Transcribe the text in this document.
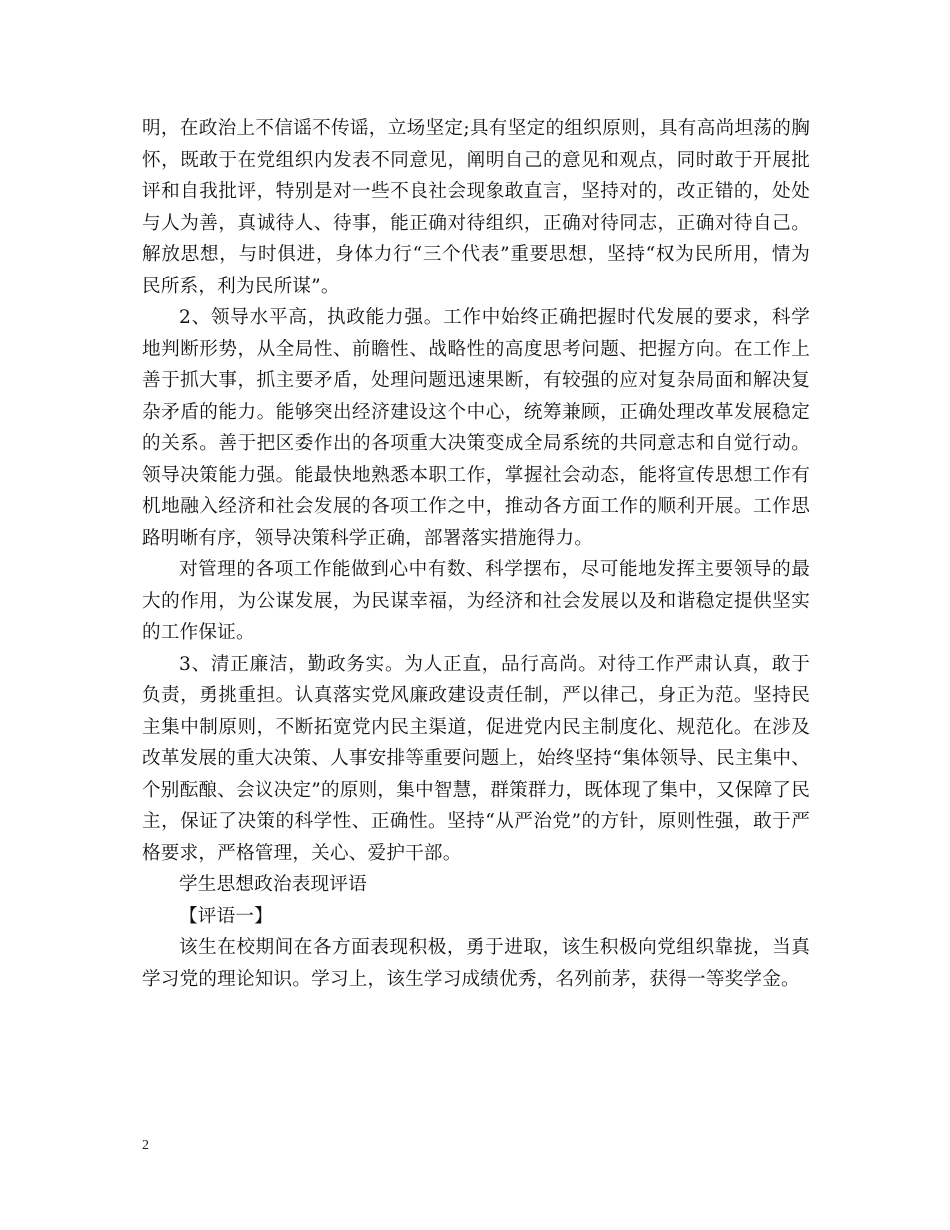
明，在政治上不信谣不传谣，立场坚定;具有坚定的组织原则，具有高尚坦荡的胸怀，既敢于在党组织内发表不同意见，阐明自己的意见和观点，同时敢于开展批评和自我批评，特别是对一些不良社会现象敢直言，坚持对的，改正错的，处处与人为善，真诚待人、待事，能正确对待组织，正确对待同志，正确对待自己。解放思想，与时俱进，身体力行“三个代表”重要思想，坚持“权为民所用，情为民所系，利为民所谋”。

2、领导水平高，执政能力强。工作中始终正确把握时代发展的要求，科学地判断形势，从全局性、前瞻性、战略性的高度思考问题、把握方向。在工作上善于抓大事，抓主要矛盾，处理问题迅速果断，有较强的应对复杂局面和解决复杂矛盾的能力。能够突出经济建设这个中心，统筹兼顾，正确处理改革发展稳定的关系。善于把区委作出的各项重大决策变成全局系统的共同意志和自觉行动。领导决策能力强。能最快地熟悉本职工作，掌握社会动态，能将宣传思想工作有机地融入经济和社会发展的各项工作之中，推动各方面工作的顺利开展。工作思路明晰有序，领导决策科学正确，部署落实措施得力。

对管理的各项工作能做到心中有数、科学摆布，尽可能地发挥主要领导的最大的作用，为公谋发展，为民谋幸福，为经济和社会发展以及和谐稳定提供坚实的工作保证。

3、清正廉洁，勤政务实。为人正直，品行高尚。对待工作严肃认真，敢于负责，勇挑重担。认真落实党风廉政建设责任制，严以律己，身正为范。坚持民主集中制原则，不断拓宽党内民主渠道，促进党内民主制度化、规范化。在涉及改革发展的重大决策、人事安排等重要问题上，始终坚持“集体领导、民主集中、个别酝酿、会议决定”的原则，集中智慧，群策群力，既体现了集中，又保障了民主，保证了决策的科学性、正确性。坚持“从严治党”的方针，原则性强，敢于严格要求，严格管理，关心、爱护干部。

学生思想政治表现评语

【评语一】

该生在校期间在各方面表现积极，勇于进取，该生积极向党组织靠拢，当真学习党的理论知识。学习上，该生学习成绩优秀，名列前茅，获得一等奖学金。

2
